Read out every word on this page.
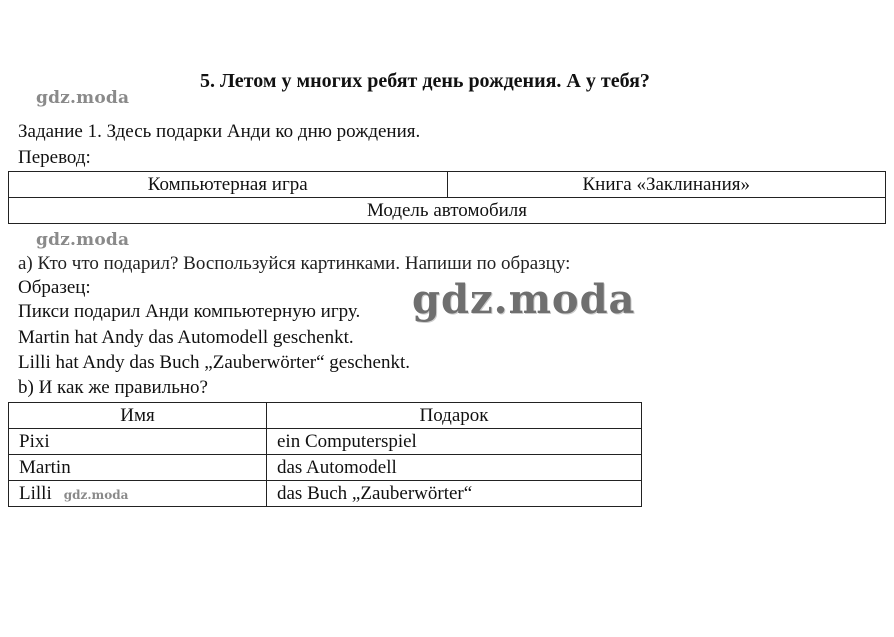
5. Летом у многих ребят день рождения. А у тебя?
gdz.moda
Задание 1. Здесь подарки Анди ко дню рождения.
Перевод:
Компьютерная игра	Книга «Заклинания»
Модель автомобиля
gdz.moda
а) Кто что подарил? Воспользуйся картинками. Напиши по образцу:
Образец:
Пикси подарил Анди компьютерную игру.
Martin hat Andy das Automodell geschenkt.
Lilli hat Andy das Buch „Zauberwörter“ geschenkt.
b) И как же правильно?
gdz.moda
Имя	Подарок
Pixi	ein Computerspiel
Martin	das Automodell
Lilli gdz.moda	das Buch „Zauberwörter“
